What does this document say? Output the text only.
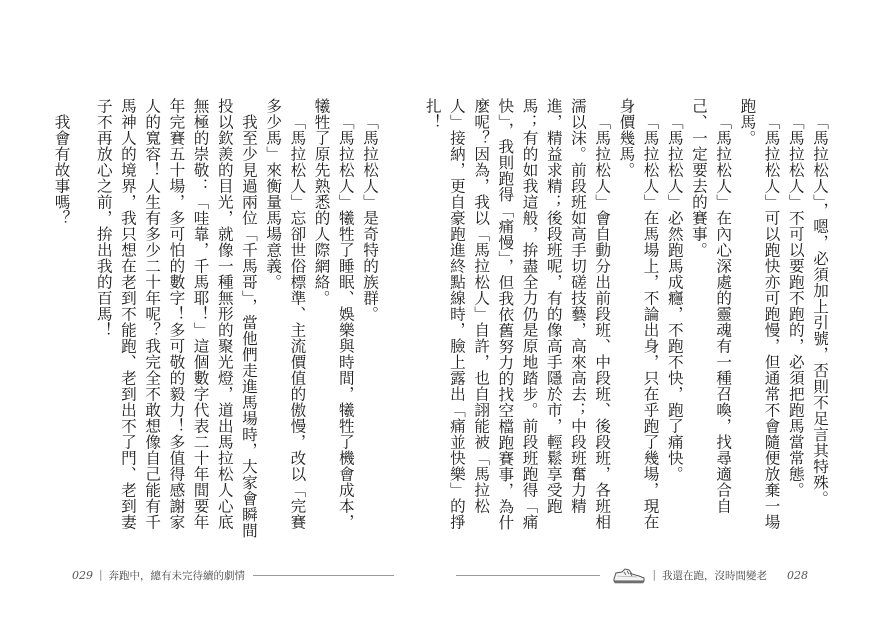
「馬拉松人」是奇特的族群。

「馬拉松人」犧牲了睡眠、娛樂與時間，犧牲了機會成本，犧牲了原先熟悉的人際網絡。

「馬拉松人」忘卻世俗標準、主流價值的傲慢，改以「完賽多少馬」來衡量馬場意義。

我至少見過兩位「千馬哥」，當他們走進馬場時，大家會瞬間投以欽羨的目光，就像一種無形的聚光燈，道出馬拉松人心底無極的崇敬：「哇靠，千馬耶！」這個數字代表二十年間要年年完賽五十場，多可怕的數字！多可敬的毅力！多值得感謝家人的寬容！人生有多少二十年呢？我完全不敢想像自己能有千馬神人的境界，我只想在老到不能跑、老到出不了門、老到妻子不再放心之前，拚出我的百馬！

我會有故事嗎？

029 | 奔跑中，總有未完待續的劇情

「馬拉松人」，嗯，必須加上引號，否則不足言其特殊。

「馬拉松人」不可以要跑不跑的，必須把跑馬當常態。

「馬拉松人」可以跑快亦可跑慢，但通常不會隨便放棄一場跑馬。

「馬拉松人」在內心深處的靈魂有一種召喚，找尋適合自己、一定要去的賽事。

「馬拉松人」必然跑馬成癮，不跑不快，跑了痛快。

「馬拉松人」在馬場上，不論出身，只在乎跑了幾場，現在身價幾馬。

「馬拉松人」會自動分出前段班、中段班、後段班，各班相濡以沫。前段班如高手切磋技藝，高來高去；中段班奮力精進，精益求精；後段班呢，有的像高手隱於市，輕鬆享受跑馬；有的如我這般，拚盡全力仍是原地踏步。前段班跑得「痛快」，我則跑得「痛慢」，但我依舊努力的找空檔跑賽事，為什麼呢？因為，我以「馬拉松人」自許，也自詡能被「馬拉松人」接納，更自豪跑進終點線時，臉上露出「痛並快樂」的掙扎！

| 我還在跑，沒時間變老 028
